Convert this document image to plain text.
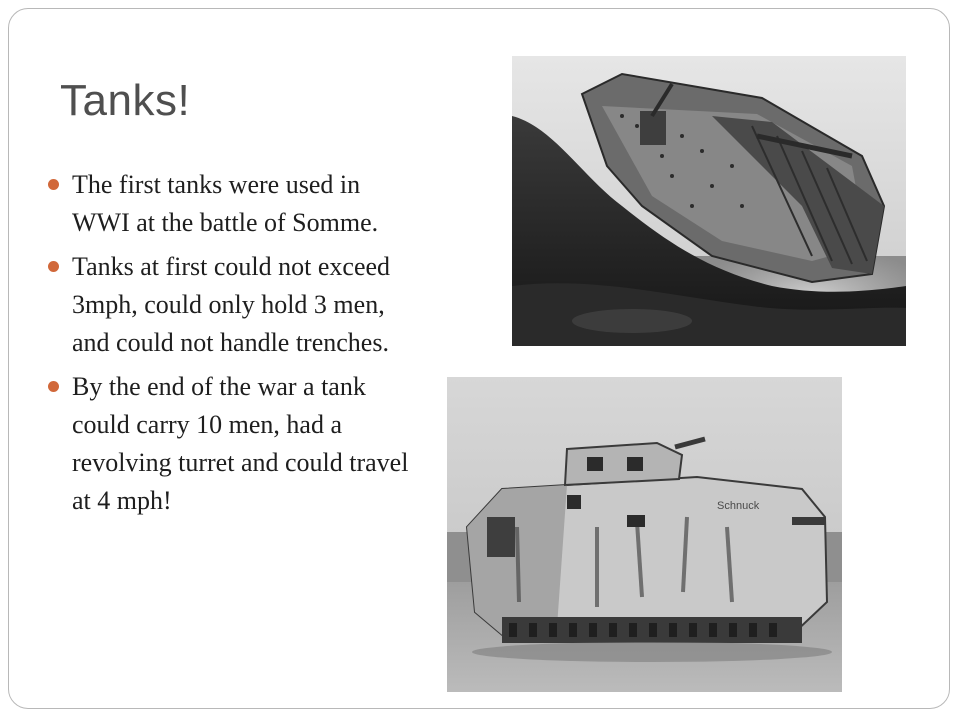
Tanks!
The first tanks were used in WWI at the battle of Somme.
Tanks at first could not exceed 3mph, could only hold 3 men, and could not handle trenches.
By the end of the war a tank could carry 10 men, had a revolving turret and could travel at 4 mph!	Schnuck
